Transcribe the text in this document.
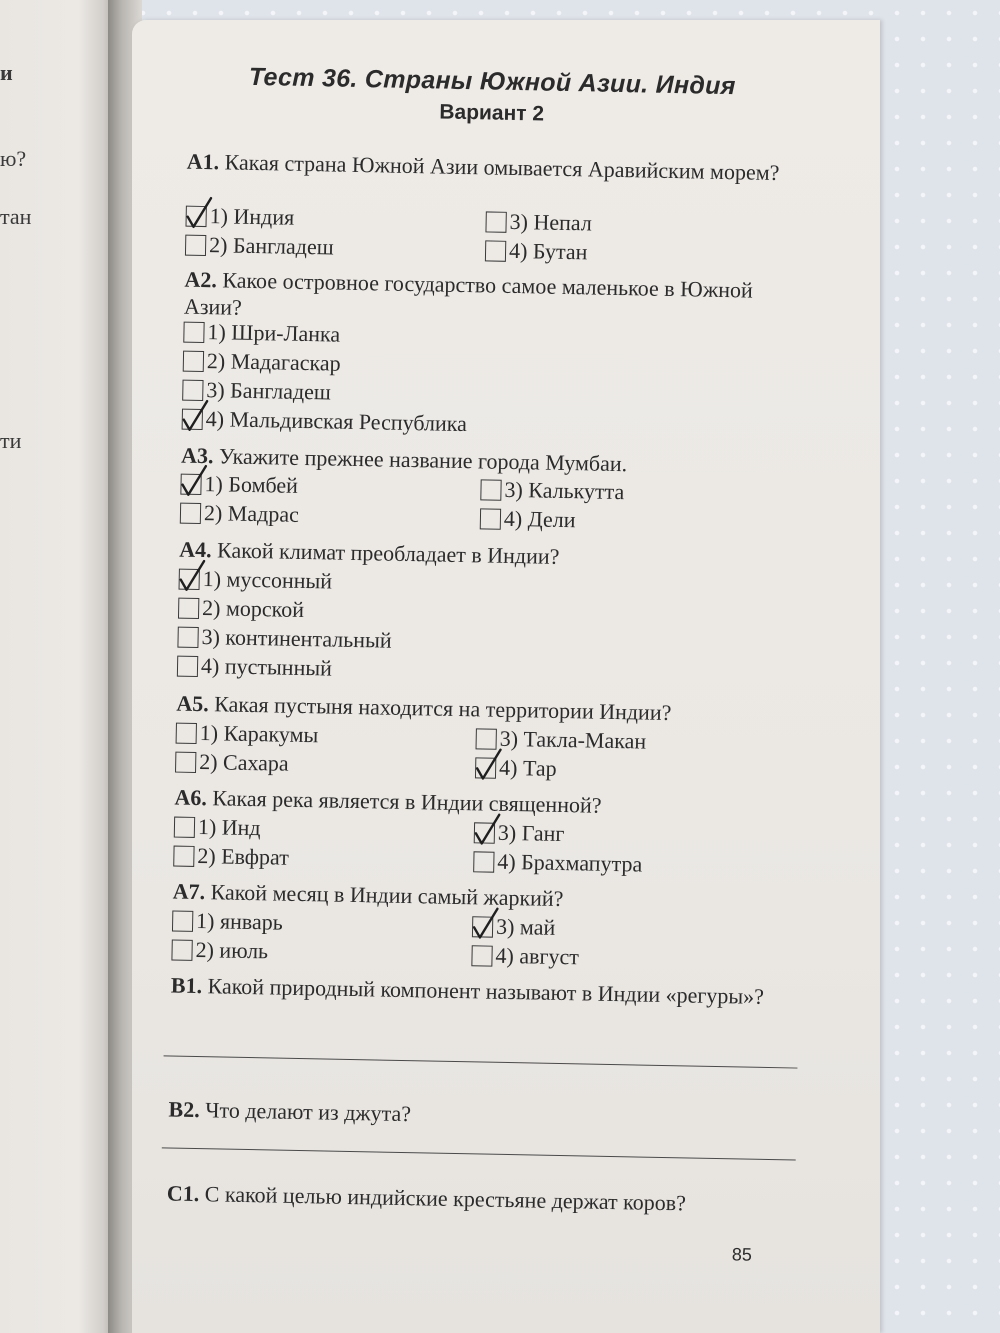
и
ю?
тан
ти
Тест 36. Страны Южной Азии. Индия
Вариант 2
А1. Какая страна Южной Азии омывается Аравийским морем?
1) Индия
2) Бангладеш
3) Непал
4) Бутан
А2. Какое островное государство самое маленькое в Южной Азии?
1) Шри-Ланка
2) Мадагаскар
3) Бангладеш
4) Мальдивская Республика
А3. Укажите прежнее название города Мумбаи.
1) Бомбей
2) Мадрас
3) Калькутта
4) Дели
А4. Какой климат преобладает в Индии?
1) муссонный
2) морской
3) континентальный
4) пустынный
А5. Какая пустыня находится на территории Индии?
1) Каракумы
2) Сахара
3) Такла-Макан
4) Тар
А6. Какая река является в Индии священной?
1) Инд
2) Евфрат
3) Ганг
4) Брахмапутра
А7. Какой месяц в Индии самый жаркий?
1) январь
2) июль
3) май
4) август
В1. Какой природный компонент называют в Индии «регуры»?
В2. Что делают из джута?
С1. С какой целью индийские крестьяне держат коров?
85
